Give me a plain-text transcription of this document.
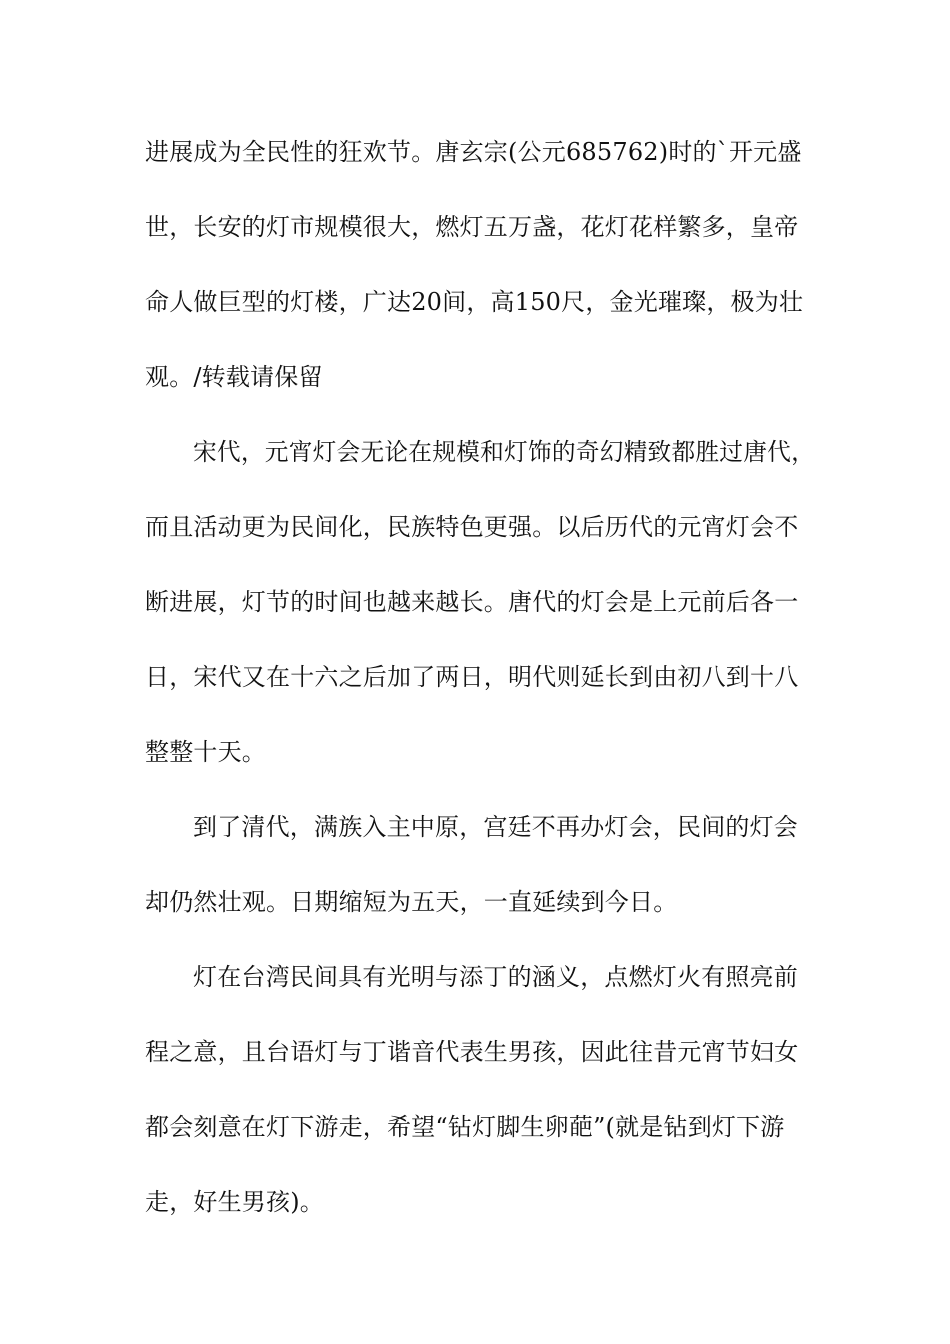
进展成为全民性的狂欢节。唐玄宗(公元685762)时的`开元盛
世，长安的灯市规模很大，燃灯五万盏，花灯花样繁多，皇帝
命人做巨型的灯楼，广达20间，高150尺，金光璀璨，极为壮
观。/转载请保留
宋代，元宵灯会无论在规模和灯饰的奇幻精致都胜过唐代，
而且活动更为民间化，民族特色更强。以后历代的元宵灯会不
断进展，灯节的时间也越来越长。唐代的灯会是上元前后各一
日，宋代又在十六之后加了两日，明代则延长到由初八到十八
整整十天。
到了清代，满族入主中原，宫廷不再办灯会，民间的灯会
却仍然壮观。日期缩短为五天，一直延续到今日。
灯在台湾民间具有光明与添丁的涵义，点燃灯火有照亮前
程之意，且台语灯与丁谐音代表生男孩，因此往昔元宵节妇女
都会刻意在灯下游走，希望“钻灯脚生卵葩”(就是钻到灯下游
走，好生男孩)。
